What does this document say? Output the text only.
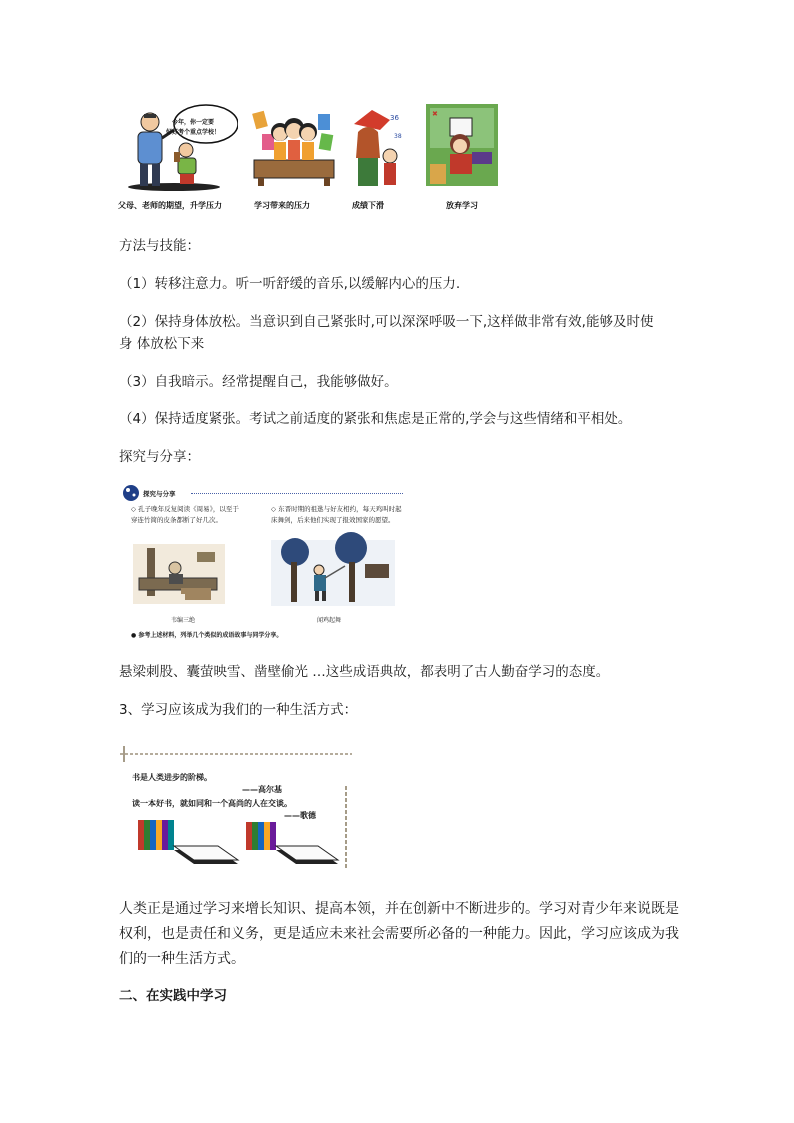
今年，你一定要
好好考个重点学校！
父母、老师的期望，升学压力	学习带来的压力
36
38
成绩下滑
✖
放弃学习

方法与技能：

（1）转移注意力。听一听舒缓的音乐,以缓解内心的压力.

（2）保持身体放松。当意识到自己紧张时,可以深深呼吸一下,这样做非常有效,能够及时使

身 体放松下来

（3）自我暗示。经常提醒自己，我能够做好。

（4）保持适度紧张。考试之前适度的紧张和焦虑是正常的,学会与这些情绪和平相处。

探究与分享：

探究与分享
◇ 孔子晚年反复阅读《周易》，以至于穿连竹简的皮条都断了好几次。
◇ 东晋时期的祖逖与好友相约，每天鸡叫时起床舞剑，后来他们实现了报效国家的愿望。
韦编三绝	闻鸡起舞
● 参考上述材料，列举几个类似的成语故事与同学分享。

悬梁刺股、囊萤映雪、凿壁偷光 …这些成语典故，都表明了古人勤奋学习的态度。

3、学习应该成为我们的一种生活方式：

书是人类进步的阶梯。
——高尔基
读一本好书，就如同和一个高尚的人在交谈。
——歌德

人类正是通过学习来增长知识、提高本领，并在创新中不断进步的。学习对青少年来说既是

权利，也是责任和义务，更是适应未来社会需要所必备的一种能力。因此，学习应该成为我

们的一种生活方式。

二、在实践中学习
